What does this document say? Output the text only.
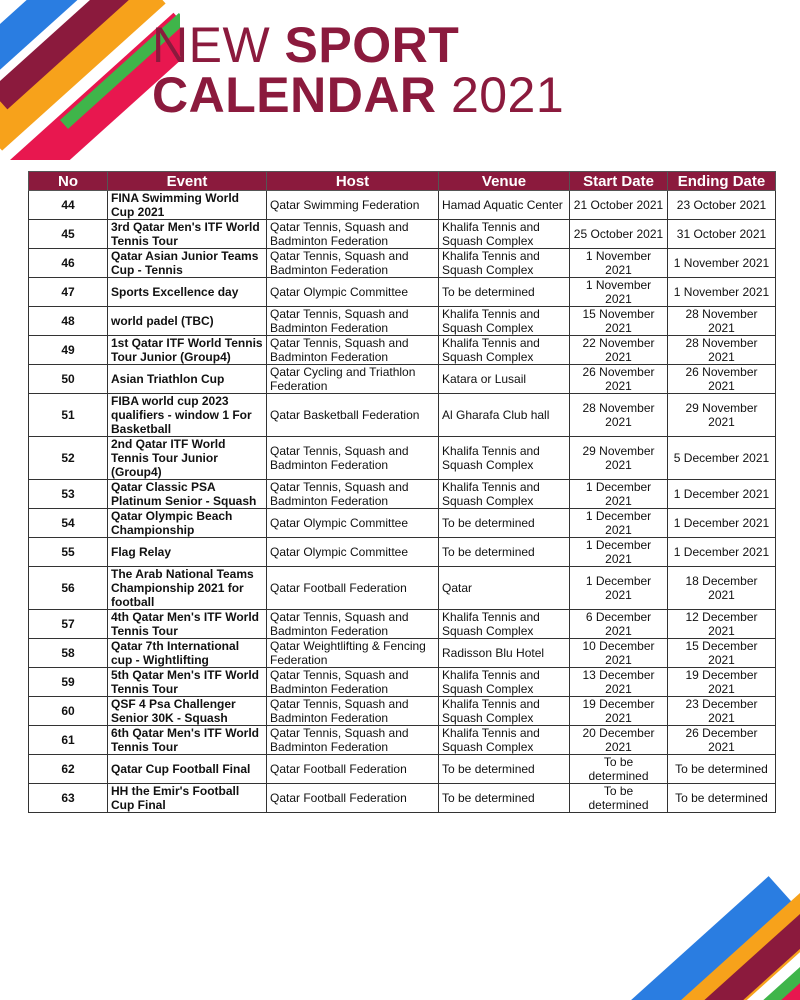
NEW SPORT
CALENDAR 2021
No	Event	Host	Venue	Start Date	Ending Date
44	FINA Swimming World Cup 2021	Qatar Swimming Federation	Hamad Aquatic Center	21 October 2021	23 October 2021
45	3rd Qatar Men's ITF World Tennis Tour	Qatar Tennis, Squash and Badminton Federation	Khalifa Tennis and Squash Complex	25 October 2021	31 October 2021
46	Qatar Asian Junior Teams Cup - Tennis	Qatar Tennis, Squash and Badminton Federation	Khalifa Tennis and Squash Complex	1 November 2021	1 November 2021
47	Sports Excellence day	Qatar Olympic Committee	To be determined	1 November 2021	1 November 2021
48	world padel (TBC)	Qatar Tennis, Squash and Badminton Federation	Khalifa Tennis and Squash Complex	15 November 2021	28 November 2021
49	1st Qatar ITF World Tennis Tour Junior (Group4)	Qatar Tennis, Squash and Badminton Federation	Khalifa Tennis and Squash Complex	22 November 2021	28 November 2021
50	Asian Triathlon Cup	Qatar Cycling and Triathlon Federation	Katara or Lusail	26 November 2021	26 November 2021
51	FIBA world cup 2023 qualifiers - window 1 For Basketball	Qatar Basketball Federation	Al Gharafa Club hall	28 November 2021	29 November 2021
52	2nd Qatar ITF World Tennis Tour Junior (Group4)	Qatar Tennis, Squash and Badminton Federation	Khalifa Tennis and Squash Complex	29 November 2021	5 December 2021
53	Qatar Classic PSA Platinum Senior - Squash	Qatar Tennis, Squash and Badminton Federation	Khalifa Tennis and Squash Complex	1 December 2021	1 December 2021
54	Qatar Olympic Beach Championship	Qatar Olympic Committee	To be determined	1 December 2021	1 December 2021
55	Flag Relay	Qatar Olympic Committee	To be determined	1 December 2021	1 December 2021
56	The Arab National Teams Championship 2021 for football	Qatar Football Federation	Qatar	1 December 2021	18 December 2021
57	4th Qatar Men's ITF World Tennis Tour	Qatar Tennis, Squash and Badminton Federation	Khalifa Tennis and Squash Complex	6 December 2021	12 December 2021
58	Qatar 7th International cup - Wightlifting	Qatar Weightlifting & Fencing Federation	Radisson Blu Hotel	10 December 2021	15 December 2021
59	5th Qatar Men's ITF World Tennis Tour	Qatar Tennis, Squash and Badminton Federation	Khalifa Tennis and Squash Complex	13 December 2021	19 December 2021
60	QSF 4 Psa Challenger Senior 30K - Squash	Qatar Tennis, Squash and Badminton Federation	Khalifa Tennis and Squash Complex	19 December 2021	23 December 2021
61	6th Qatar Men's ITF World Tennis Tour	Qatar Tennis, Squash and Badminton Federation	Khalifa Tennis and Squash Complex	20 December 2021	26 December 2021
62	Qatar Cup Football Final	Qatar Football Federation	To be determined	To be determined	To be determined
63	HH the Emir's Football Cup Final	Qatar Football Federation	To be determined	To be determined	To be determined
